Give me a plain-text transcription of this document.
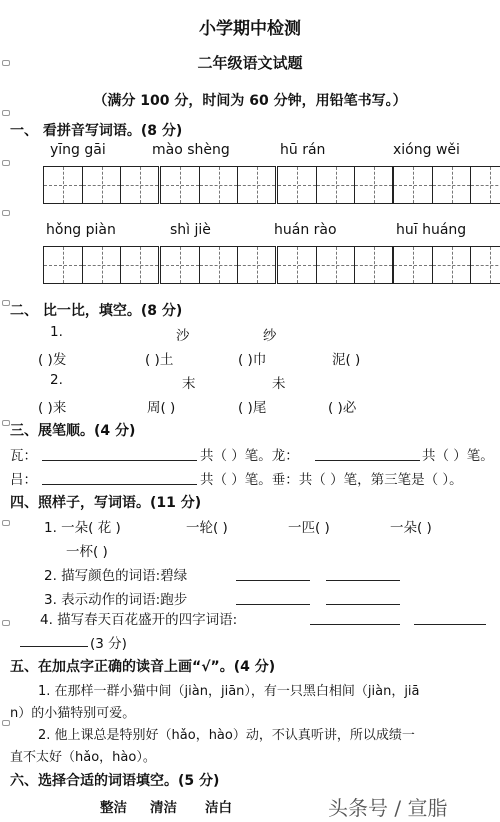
小学期中检测
二年级语文试题
（满分 100 分，时间为 60 分钟，用铅笔书写。）
一、 看拼音写词语。(8 分)
yīng gāi	mào shèng	hū rán	xióng wěi
hǒng piàn	shì jiè	huán rào	huī huáng
二、 比一比，填空。(8 分)
1.	沙	纱
( )发	( )土	( )巾	泥( )
2.	末	未
( )来	周( )	( )尾	( )必
三、展笔顺。(4 分)
瓦：	共（ ）笔。龙：	共（ ）笔。
吕：	共（ ）笔。垂：共（ ）笔，第三笔是（ ）。
四、照样子，写词语。(11 分)
1. 一朵( 花 )	一轮( )	一匹( )	一朵( )
一杯( )
2. 描写颜色的词语:碧绿
3. 表示动作的词语:跑步
4. 描写春天百花盛开的四字词语:
(3 分)
五、在加点字正确的读音上画“√”。(4 分)
1. 在那样一群小猫中间（jiàn，jiān），有一只黑白相间（jiàn，jiā
n）的小猫特别可爱。
2. 他上课总是特别好（hǎo，hào）动，不认真听讲，所以成绩一
直不太好（hǎo，hào）。
六、选择合适的词语填空。(5 分)
整洁 清洁 洁白	头条号 / 宣脂
